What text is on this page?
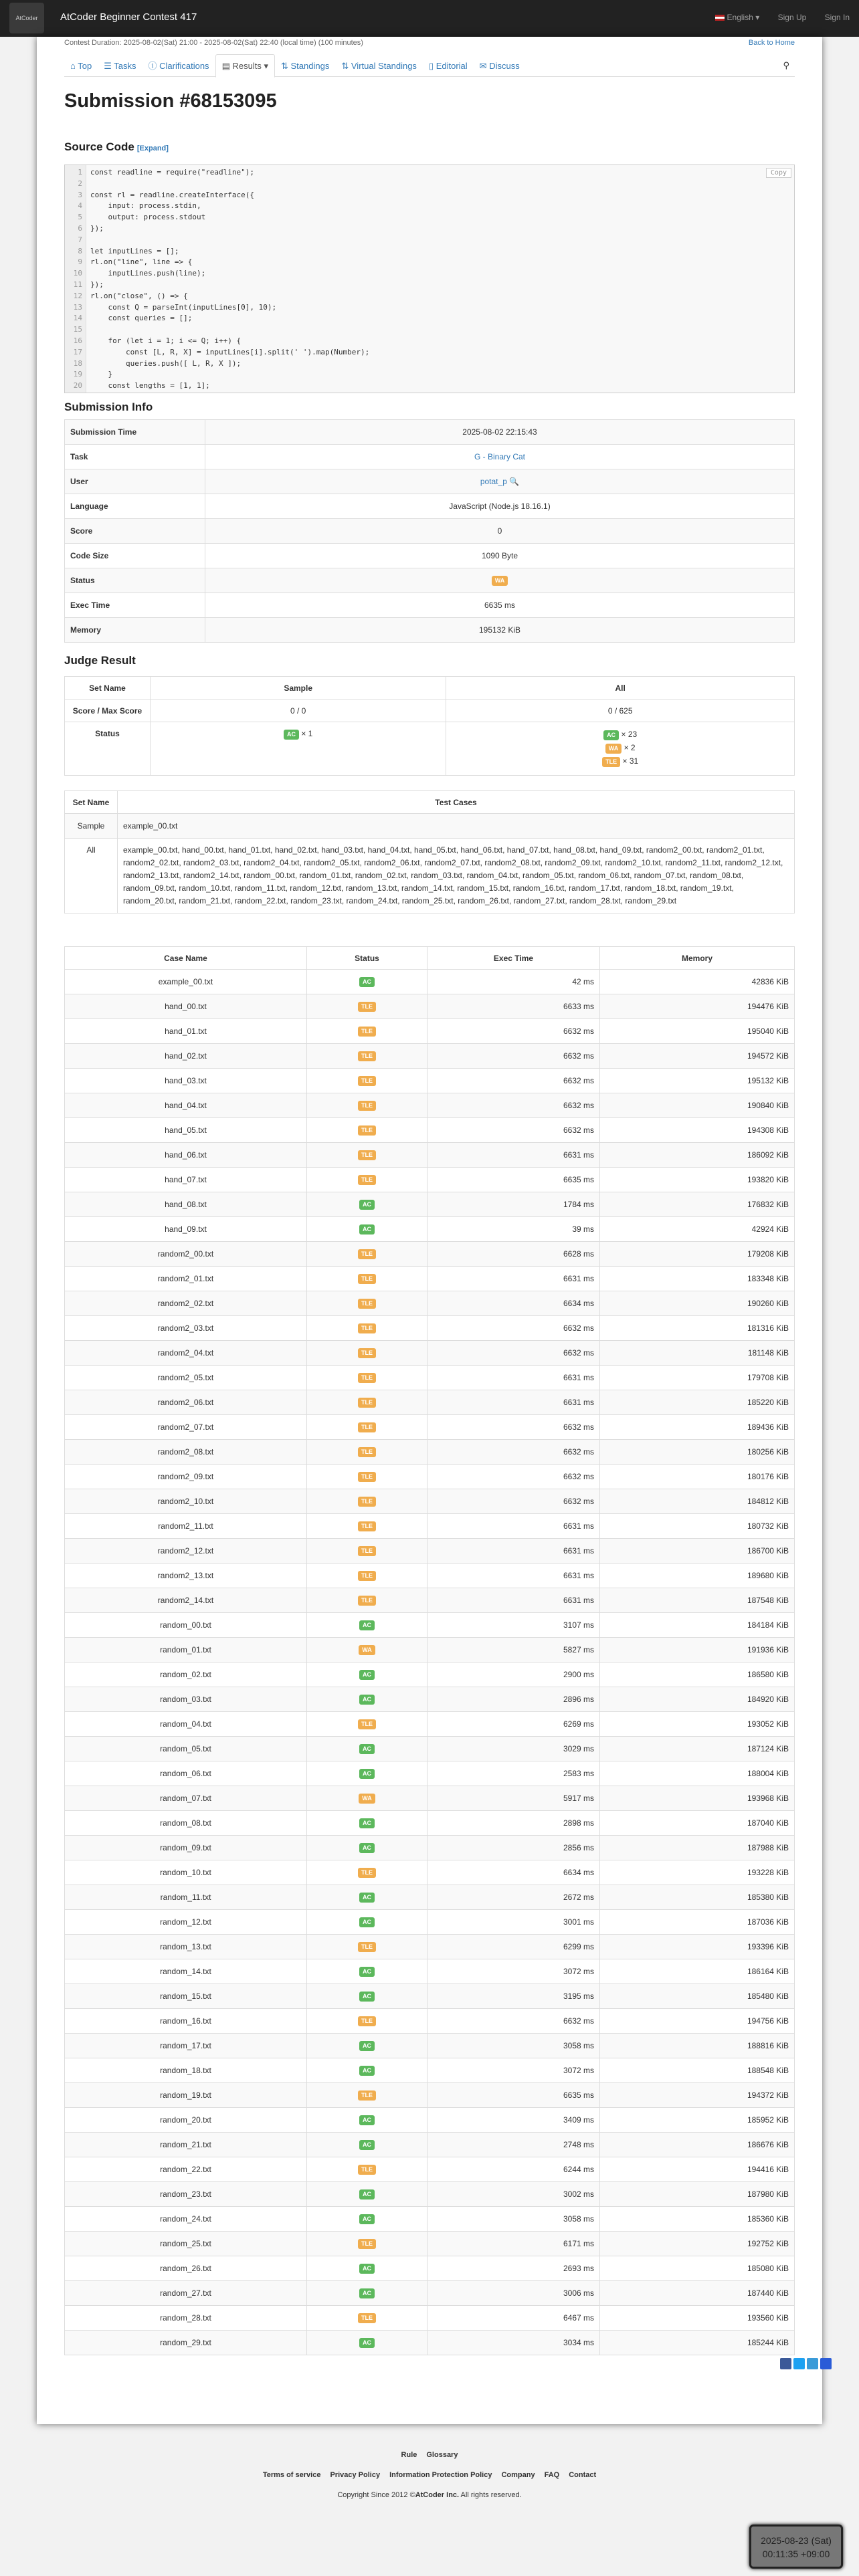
AtCoder	AtCoder Beginner Contest 417	English ▾ Sign Up Sign In
Contest Duration: 2025-08-02(Sat) 21:00 - 2025-08-02(Sat) 22:40 (local time) (100 minutes)	Back to Home
⌂ Top ☰ Tasks ⓘ Clarifications ▤ Results ▾ ⇅ Standings ⇅ Virtual Standings ▯ Editorial ✉ Discuss	⚲
Submission #68153095
Source Code [Expand]
Copy
1 const readline = require("readline");
2
3 const rl = readline.createInterface({
4    input: process.stdin,
5    output: process.stdout
6 });
7
8 let inputLines = [];
9 rl.on("line", line => {
10    inputLines.push(line);
11 });
12 rl.on("close", () => {
13    const Q = parseInt(inputLines[0], 10);
14    const queries = [];
15
16    for (let i = 1; i <= Q; i++) {
17        const [L, R, X] = inputLines[i].split(' ').map(Number);
18        queries.push([ L, R, X ]);
19    }
20    const lengths = [1, 1];
Submission Info
Submission Time	2025-08-02 22:15:43
Task	G - Binary Cat
User	potat_p 🔍
Language	JavaScript (Node.js 18.16.1)
Score	0
Code Size	1090 Byte
Status	WA
Exec Time	6635 ms
Memory	195132 KiB
Judge Result
Set Name	Sample	All
Score / Max Score	0 / 0	0 / 625
Status	AC × 1	AC × 23
WA × 2
TLE × 31
Set Name	Test Cases
Sample	example_00.txt
All	example_00.txt, hand_00.txt, hand_01.txt, hand_02.txt, hand_03.txt, hand_04.txt, hand_05.txt, hand_06.txt, hand_07.txt, hand_08.txt, hand_09.txt, random2_00.txt, random2_01.txt, random2_02.txt, random2_03.txt, random2_04.txt, random2_05.txt, random2_06.txt, random2_07.txt, random2_08.txt, random2_09.txt, random2_10.txt, random2_11.txt, random2_12.txt, random2_13.txt, random2_14.txt, random_00.txt, random_01.txt, random_02.txt, random_03.txt, random_04.txt, random_05.txt, random_06.txt, random_07.txt, random_08.txt, random_09.txt, random_10.txt, random_11.txt, random_12.txt, random_13.txt, random_14.txt, random_15.txt, random_16.txt, random_17.txt, random_18.txt, random_19.txt, random_20.txt, random_21.txt, random_22.txt, random_23.txt, random_24.txt, random_25.txt, random_26.txt, random_27.txt, random_28.txt, random_29.txt
Case Name	Status	Exec Time	Memory
example_00.txt	AC	42 ms	42836 KiB
hand_00.txt	TLE	6633 ms	194476 KiB
hand_01.txt	TLE	6632 ms	195040 KiB
hand_02.txt	TLE	6632 ms	194572 KiB
hand_03.txt	TLE	6632 ms	195132 KiB
hand_04.txt	TLE	6632 ms	190840 KiB
hand_05.txt	TLE	6632 ms	194308 KiB
hand_06.txt	TLE	6631 ms	186092 KiB
hand_07.txt	TLE	6635 ms	193820 KiB
hand_08.txt	AC	1784 ms	176832 KiB
hand_09.txt	AC	39 ms	42924 KiB
random2_00.txt	TLE	6628 ms	179208 KiB
random2_01.txt	TLE	6631 ms	183348 KiB
random2_02.txt	TLE	6634 ms	190260 KiB
random2_03.txt	TLE	6632 ms	181316 KiB
random2_04.txt	TLE	6632 ms	181148 KiB
random2_05.txt	TLE	6631 ms	179708 KiB
random2_06.txt	TLE	6631 ms	185220 KiB
random2_07.txt	TLE	6632 ms	189436 KiB
random2_08.txt	TLE	6632 ms	180256 KiB
random2_09.txt	TLE	6632 ms	180176 KiB
random2_10.txt	TLE	6632 ms	184812 KiB
random2_11.txt	TLE	6631 ms	180732 KiB
random2_12.txt	TLE	6631 ms	186700 KiB
random2_13.txt	TLE	6631 ms	189680 KiB
random2_14.txt	TLE	6631 ms	187548 KiB
random_00.txt	AC	3107 ms	184184 KiB
random_01.txt	WA	5827 ms	191936 KiB
random_02.txt	AC	2900 ms	186580 KiB
random_03.txt	AC	2896 ms	184920 KiB
random_04.txt	TLE	6269 ms	193052 KiB
random_05.txt	AC	3029 ms	187124 KiB
random_06.txt	AC	2583 ms	188004 KiB
random_07.txt	WA	5917 ms	193968 KiB
random_08.txt	AC	2898 ms	187040 KiB
random_09.txt	AC	2856 ms	187988 KiB
random_10.txt	TLE	6634 ms	193228 KiB
random_11.txt	AC	2672 ms	185380 KiB
random_12.txt	AC	3001 ms	187036 KiB
random_13.txt	TLE	6299 ms	193396 KiB
random_14.txt	AC	3072 ms	186164 KiB
random_15.txt	AC	3195 ms	185480 KiB
random_16.txt	TLE	6632 ms	194756 KiB
random_17.txt	AC	3058 ms	188816 KiB
random_18.txt	AC	3072 ms	188548 KiB
random_19.txt	TLE	6635 ms	194372 KiB
random_20.txt	AC	3409 ms	185952 KiB
random_21.txt	AC	2748 ms	186676 KiB
random_22.txt	TLE	6244 ms	194416 KiB
random_23.txt	AC	3002 ms	187980 KiB
random_24.txt	AC	3058 ms	185360 KiB
random_25.txt	TLE	6171 ms	192752 KiB
random_26.txt	AC	2693 ms	185080 KiB
random_27.txt	AC	3006 ms	187440 KiB
random_28.txt	TLE	6467 ms	193560 KiB
random_29.txt	AC	3034 ms	185244 KiB
Rule Glossary
Terms of service Privacy Policy Information Protection Policy Company FAQ Contact
Copyright Since 2012 ©AtCoder Inc. All rights reserved.
2025-08-23 (Sat)
00:11:35 +09:00
